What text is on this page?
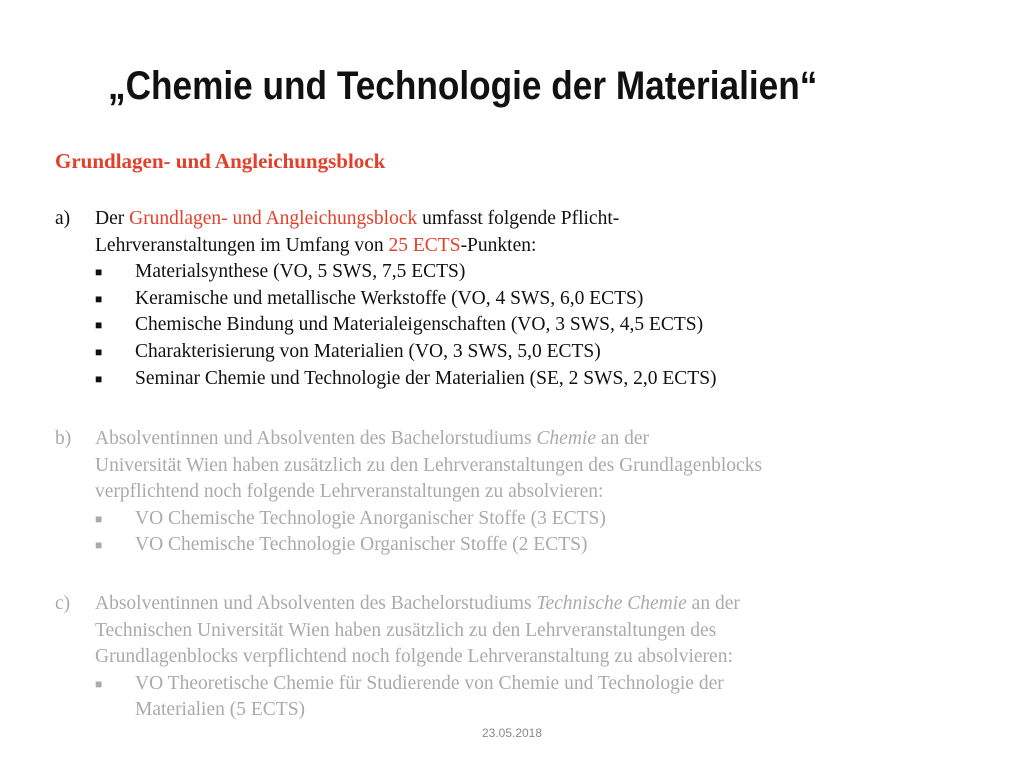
„Chemie und Technologie der Materialien“
Grundlagen- und Angleichungsblock
a) Der Grundlagen- und Angleichungsblock umfasst folgende Pflicht-
Lehrveranstaltungen im Umfang von 25 ECTS-Punkten:
■ Materialsynthese (VO, 5 SWS, 7,5 ECTS)
■ Keramische und metallische Werkstoffe (VO, 4 SWS, 6,0 ECTS)
■ Chemische Bindung und Materialeigenschaften (VO, 3 SWS, 4,5 ECTS)
■ Charakterisierung von Materialien (VO, 3 SWS, 5,0 ECTS)
■ Seminar Chemie und Technologie der Materialien (SE, 2 SWS, 2,0 ECTS)
b) Absolventinnen und Absolventen des Bachelorstudiums Chemie an der
Universität Wien haben zusätzlich zu den Lehrveranstaltungen des Grundlagenblocks
verpflichtend noch folgende Lehrveranstaltungen zu absolvieren:
■ VO Chemische Technologie Anorganischer Stoffe (3 ECTS)
■ VO Chemische Technologie Organischer Stoffe (2 ECTS)
c) Absolventinnen und Absolventen des Bachelorstudiums Technische Chemie an der
Technischen Universität Wien haben zusätzlich zu den Lehrveranstaltungen des
Grundlagenblocks verpflichtend noch folgende Lehrveranstaltung zu absolvieren:
■ VO Theoretische Chemie für Studierende von Chemie und Technologie der
Materialien (5 ECTS)
23.05.2018
